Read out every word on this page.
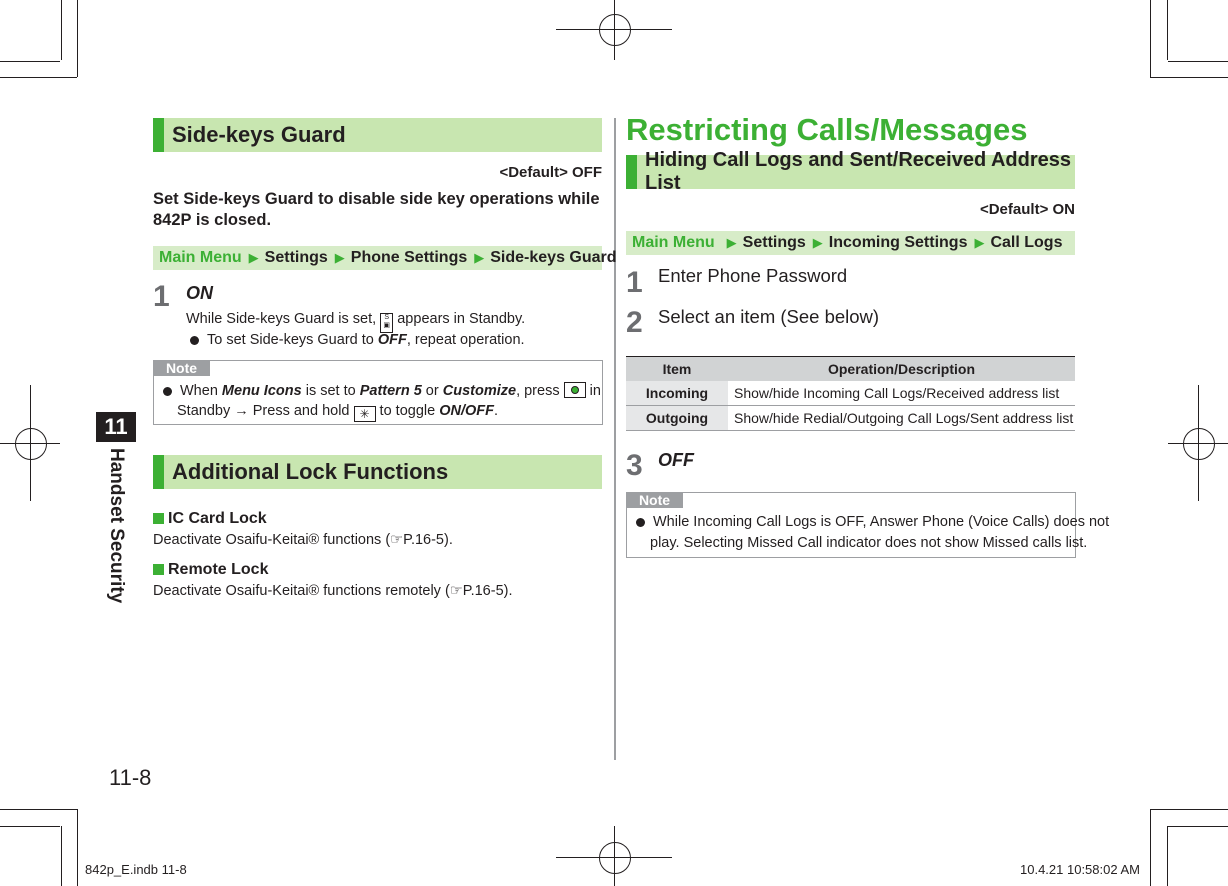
11
Handset Security
Side-keys Guard
<Default> OFF
Set Side-keys Guard to disable side key operations while
842P is closed.
Main Menu ▶ Settings ▶ Phone Settings ▶ Side-keys Guard
1 ON
While Side-keys Guard is set, S
▣ appears in Standby.
To set Side-keys Guard to OFF, repeat operation.
Note
When Menu Icons is set to Pattern 5 or Customize, press
in
Standby → Press and hold ✳ to toggle ON/OFF.
Additional Lock Functions
IC Card Lock
Deactivate Osaifu-Keitai® functions (☞P.16-5).
Remote Lock
Deactivate Osaifu-Keitai® functions remotely (☞P.16-5).
11-8
Restricting Calls/Messages
Hiding Call Logs and Sent/Received Address List
<Default> ON
Main Menu ▶ Settings ▶ Incoming Settings ▶ Call Logs
1 Enter Phone Password
2 Select an item (See below)
Item	Operation/Description
Incoming	Show/hide Incoming Call Logs/Received address list
Outgoing	Show/hide Redial/Outgoing Call Logs/Sent address list
3 OFF
Note
While Incoming Call Logs is OFF, Answer Phone (Voice Calls) does not
play. Selecting Missed Call indicator does not show Missed calls list.
842p_E.indb 11-8	10.4.21 10:58:02 AM
